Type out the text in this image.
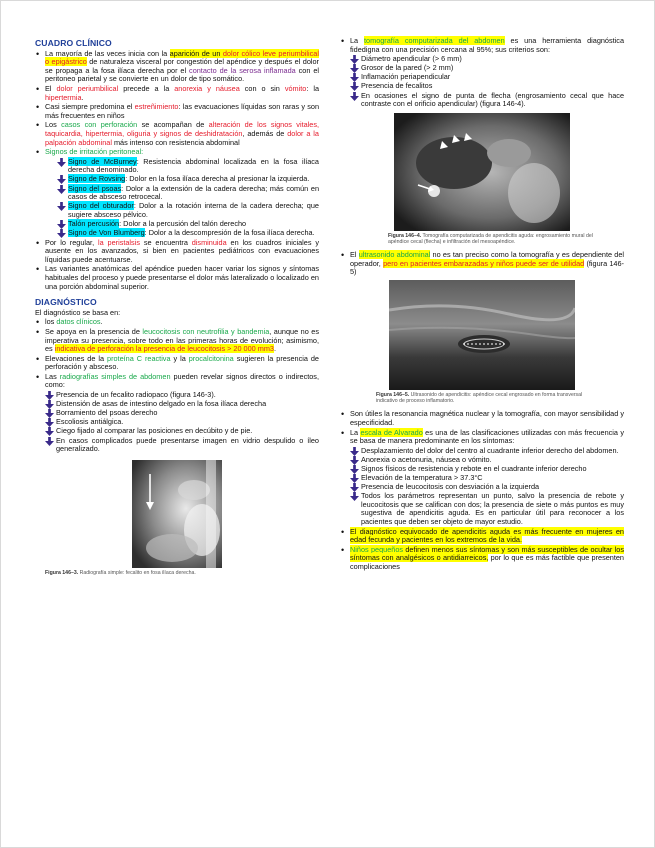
CUADRO CLÍNICO
• La mayoría de las veces inicia con la aparición de un dolor cólico leve periumbilical o epigástrico de naturaleza visceral por congestión del apéndice y después el dolor se propaga a la fosa ilíaca derecha por el contacto de la serosa inflamada con el peritoneo parietal y se convierte en un dolor de tipo somático.
• El dolor periumbilical precede a la anorexia y náusea con o sin vómito: la hipertermia.
• Casi siempre predomina el estreñimiento: las evacuaciones líquidas son raras y son más frecuentes en niños
• Los casos con perforación se acompañan de alteración de los signos vitales, taquicardia, hipertermia, oliguria y signos de deshidratación, además de dolor a la palpación abdominal más intenso con resistencia abdominal
• Signos de irritación peritoneal:
Signo de McBurney: Resistencia abdominal localizada en la fosa ilíaca derecha denominado.
Signo de Rovsing: Dolor en la fosa ilíaca derecha al presionar la izquierda.
Signo del psoas: Dolor a la extensión de la cadera derecha; más común en casos de absceso retrocecal.
Signo del obturador: Dolor a la rotación interna de la cadera derecha; que sugiere absceso pélvico.
Talón percusión: Dolor a la percusión del talón derecho
Signo de Von Blumberg: Dolor a la descompresión de la fosa ilíaca derecha.
• Por lo regular, la peristalsis se encuentra disminuida en los cuadros iniciales y ausente en los avanzados, si bien en pacientes pediátricos con evacuaciones líquidas puede acentuarse.
• Las variantes anatómicas del apéndice pueden hacer variar los signos y síntomas habituales del proceso y puede presentarse el dolor más lateralizado o localizado en una porción abdominal superior.
DIAGNÓSTICO

El diagnóstico se basa en:

• los datos clínicos.
• Se apoya en la presencia de leucocitosis con neutrofilia y bandemia, aunque no es imperativa su presencia, sobre todo en las primeras horas de evolución; asimismo, es indicativa de perforación la presencia de leucocitosis > 20 000 mm3.
• Elevaciones de la proteína C reactiva y la procalcitonina sugieren la presencia de perforación y absceso.
• Las radiografías simples de abdomen pueden revelar signos directos o indirectos, como:
Presencia de un fecalito radiopaco (figura 146-3).
Distensión de asas de intestino delgado en la fosa ilíaca derecha
Borramiento del psoas derecho
Escoliosis antiálgica.
Ciego fijado al comparar las posiciones en decúbito y de pie.
En casos complicados puede presentarse imagen en vidrio despulido o íleo generalizado.

Figura 146–3. Radiografía simple: fecalito en fosa ilíaca derecha.

• La tomografía computarizada del abdomen es una herramienta diagnóstica fidedigna con una precisión cercana al 95%; sus criterios son:
Diámetro apendicular (> 6 mm)
Grosor de la pared (> 2 mm)
Inflamación periapendicular
Presencia de fecalitos
En ocasiones el signo de punta de flecha (engrosamiento cecal que hace contraste con el orificio apendicular) (figura 146-4).

Figura 146–4. Tomografía computarizada de apendicitis aguda: engrosamiento mural del apéndice cecal (flecha) e infiltración del mesoapéndice.

• El ultrasonido abdominal no es tan preciso como la tomografía y es dependiente del operador, pero en pacientes embarazadas y niños puede ser de utilidad (figura 146-5)

Figura 146–5. Ultrasonido de apendicitis: apéndice cecal engrosado en forma transversal indicativo de proceso inflamatorio.

• Son útiles la resonancia magnética nuclear y la tomografía, con mayor sensibilidad y especificidad.
• La escala de Alvarado es una de las clasificaciones utilizadas con más frecuencia y se basa de manera predominante en los síntomas:
Desplazamiento del dolor del centro al cuadrante inferior derecho del abdomen.
Anorexia o acetonuria, náusea o vómito.
Signos físicos de resistencia y rebote en el cuadrante inferior derecho
Elevación de la temperatura > 37.3°C
Presencia de leucocitosis con desviación a la izquierda
Todos los parámetros representan un punto, salvo la presencia de rebote y leucocitosis que se califican con dos; la presencia de siete o más puntos es muy sugestiva de apendicitis aguda. Es en particular útil para reconocer a los pacientes que deben ser objeto de mayor estudio.
• El diagnóstico equivocado de apendicitis aguda es más frecuente en mujeres en edad fecunda y pacientes en los extremos de la vida.
• Niños pequeños definen menos sus síntomas y son más susceptibles de ocultar los síntomas con analgésicos o antidiarreicos, por lo que es más factible que presenten complicaciones
